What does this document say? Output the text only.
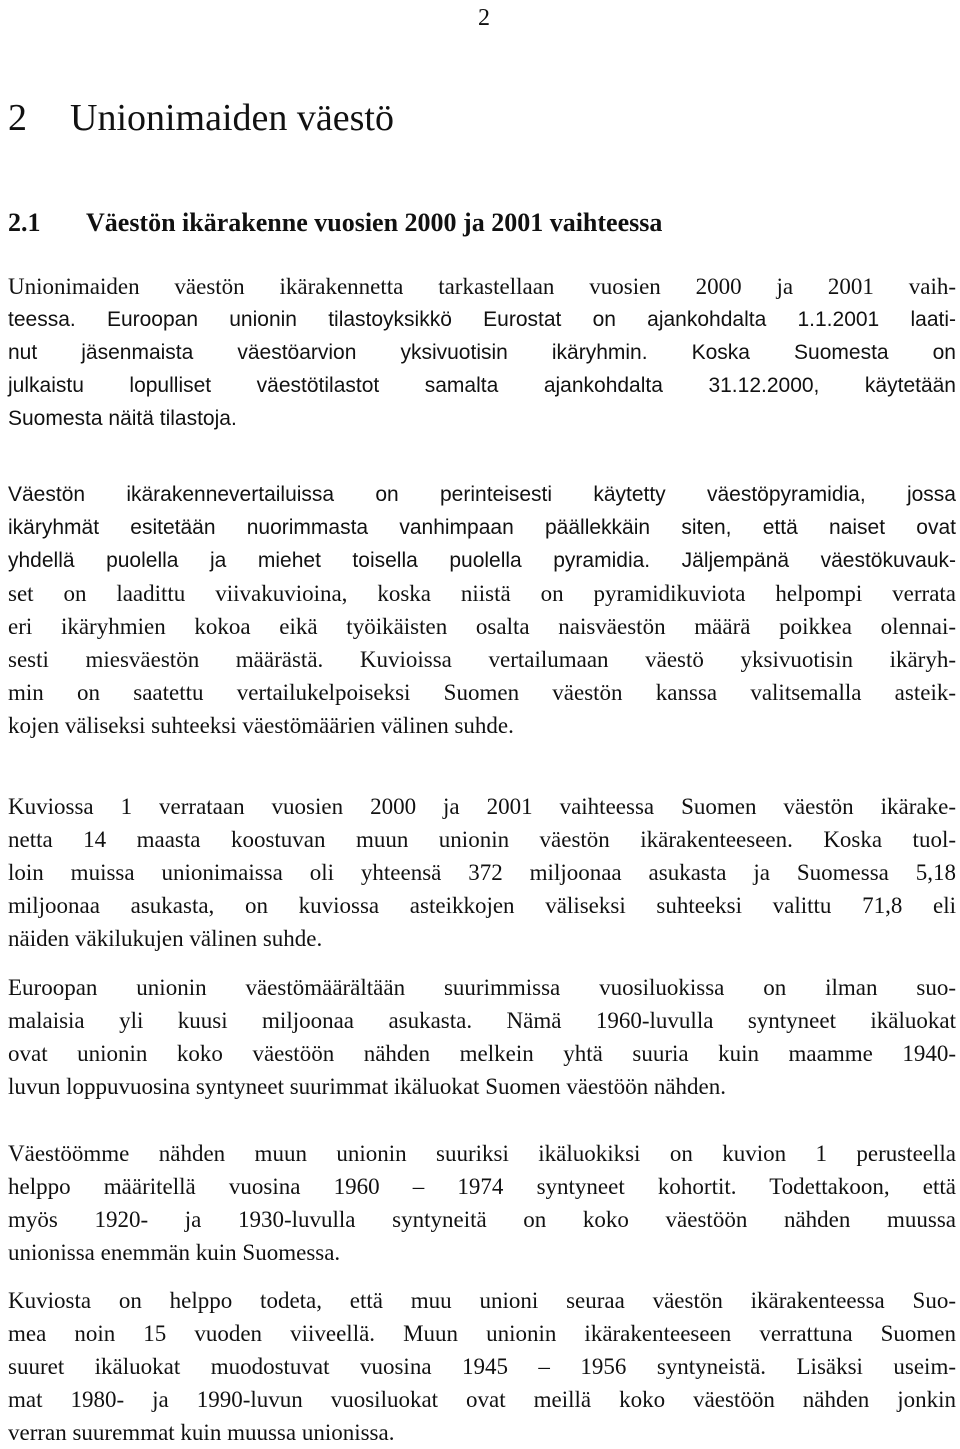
2
2 Unionimaiden väestö
2.1 Väestön ikärakenne vuosien 2000 ja 2001 vaihteessa
Unionimaiden väestön ikärakennetta tarkastellaan vuosien 2000 ja 2001 vaih-
teessa. Euroopan unionin tilastoyksikkö Eurostat on ajankohdalta 1.1.2001 laati-
nut jäsenmaista väestöarvion yksivuotisin ikäryhmin. Koska Suomesta on
julkaistu lopulliset väestötilastot samalta ajankohdalta 31.12.2000, käytetään
Suomesta näitä tilastoja.
Väestön ikärakennevertailuissa on perinteisesti käytetty väestöpyramidia, jossa
ikäryhmät esitetään nuorimmasta vanhimpaan päällekkäin siten, että naiset ovat
yhdellä puolella ja miehet toisella puolella pyramidia. Jäljempänä väestökuvauk-
set on laadittu viivakuvioina, koska niistä on pyramidikuviota helpompi verrata
eri ikäryhmien kokoa eikä työikäisten osalta naisväestön määrä poikkea olennai-
sesti miesväestön määrästä. Kuvioissa vertailumaan väestö yksivuotisin ikäryh-
min on saatettu vertailukelpoiseksi Suomen väestön kanssa valitsemalla asteik-
kojen väliseksi suhteeksi väestömäärien välinen suhde.
Kuviossa 1 verrataan vuosien 2000 ja 2001 vaihteessa Suomen väestön ikärake-
netta 14 maasta koostuvan muun unionin väestön ikärakenteeseen. Koska tuol-
loin muissa unionimaissa oli yhteensä 372 miljoonaa asukasta ja Suomessa 5,18
miljoonaa asukasta, on kuviossa asteikkojen väliseksi suhteeksi valittu 71,8 eli
näiden väkilukujen välinen suhde.
Euroopan unionin väestömäärältään suurimmissa vuosiluokissa on ilman suo-
malaisia yli kuusi miljoonaa asukasta. Nämä 1960-luvulla syntyneet ikäluokat
ovat unionin koko väestöön nähden melkein yhtä suuria kuin maamme 1940-
luvun loppuvuosina syntyneet suurimmat ikäluokat Suomen väestöön nähden.
Väestöömme nähden muun unionin suuriksi ikäluokiksi on kuvion 1 perusteella
helppo määritellä vuosina 1960 – 1974 syntyneet kohortit. Todettakoon, että
myös 1920- ja 1930-luvulla syntyneitä on koko väestöön nähden muussa
unionissa enemmän kuin Suomessa.
Kuviosta on helppo todeta, että muu unioni seuraa väestön ikärakenteessa Suo-
mea noin 15 vuoden viiveellä. Muun unionin ikärakenteeseen verrattuna Suomen
suuret ikäluokat muodostuvat vuosina 1945 – 1956 syntyneistä. Lisäksi useim-
mat 1980- ja 1990-luvun vuosiluokat ovat meillä koko väestöön nähden jonkin
verran suuremmat kuin muussa unionissa.
